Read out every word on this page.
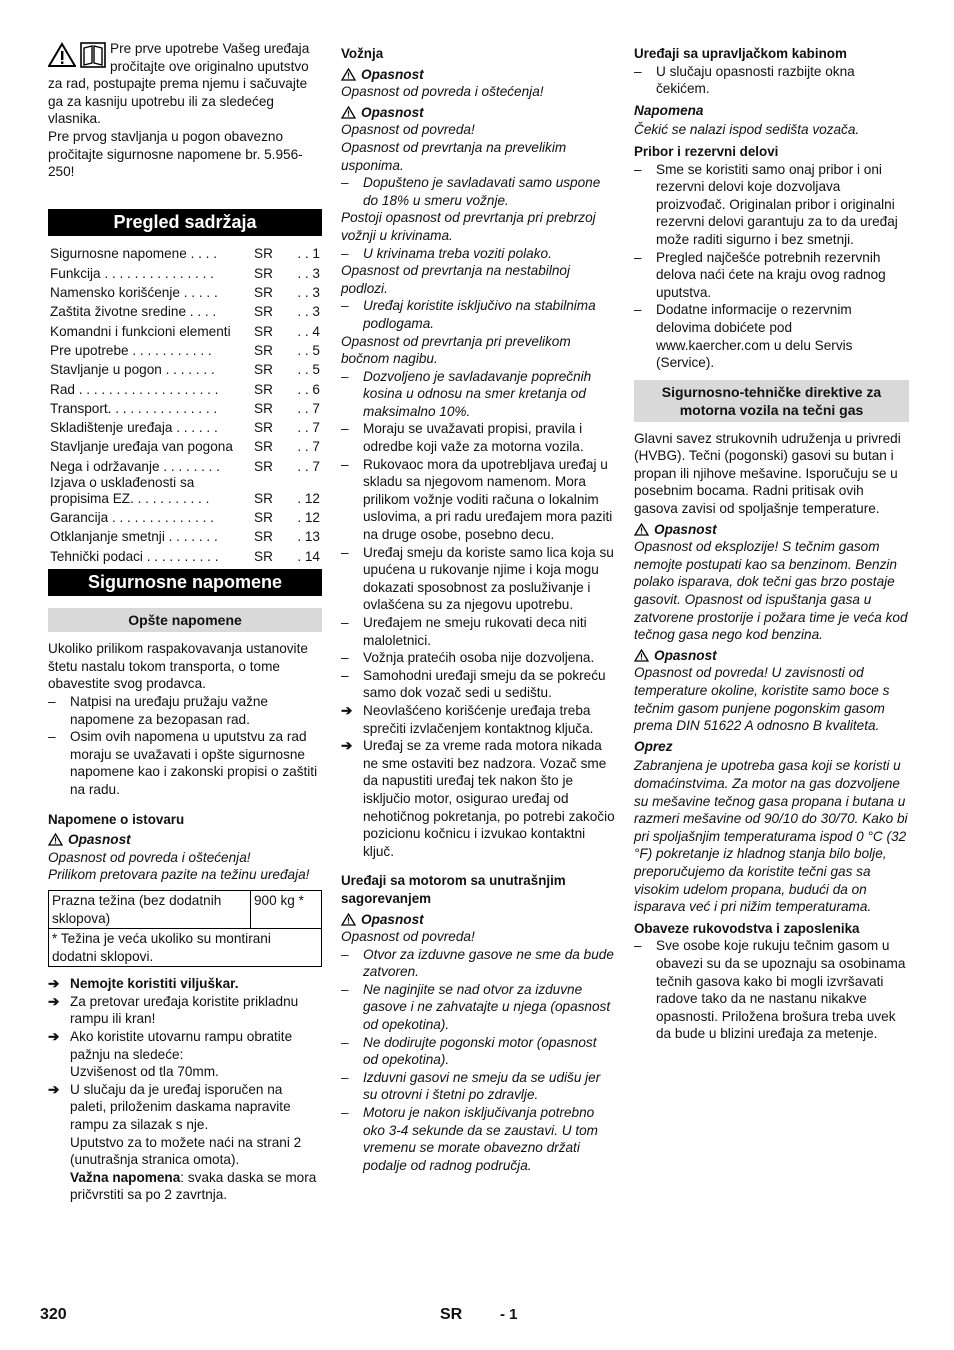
Pre prve upotrebe Vašeg uređaja pročitajte ove originalno uputstvo za rad, postupajte prema njemu i sačuvajte ga za kasniju upotrebu ili za sledećeg vlasnika.

Pre prvog stavljanja u pogon obavezno pročitajte sigurnosne napomene br. 5.956-250!

Pregled sadržaja
Sigurnosne napomene . . . .	SR	. . 1
Funkcija . . . . . . . . . . . . . . .	SR	. . 3
Namensko korišćenje . . . . .	SR	. . 3
Zaštita životne sredine . . . .	SR	. . 3
Komandni i funkcioni elementi	SR	. . 4
Pre upotrebe . . . . . . . . . . .	SR	. . 5
Stavljanje u pogon . . . . . . .	SR	. . 5
Rad . . . . . . . . . . . . . . . . . . .	SR	. . 6
Transport. . . . . . . . . . . . . . .	SR	. . 7
Skladištenje uređaja . . . . . .	SR	. . 7
Stavljanje uređaja van pogona	SR	. . 7
Nega i održavanje . . . . . . . .	SR	. . 7
Izjava o usklađenosti sa propisima EZ. . . . . . . . . . .	SR	. 12
Garancija . . . . . . . . . . . . . .	SR	. 12
Otklanjanje smetnji . . . . . . .	SR	. 13
Tehnički podaci . . . . . . . . . .	SR	. 14
Sigurnosne napomene
Opšte napomene

Ukoliko prilikom raspakovavanja ustanovite štetu nastalu tokom transporta, o tome obavestite svog prodavca.

–	Natpisi na uređaju pružaju važne napomene za bezopasan rad.
–	Osim ovih napomena u uputstvu za rad moraju se uvažavati i opšte sigurnosne napomene kao i zakonski propisi o zaštiti na radu.

Napomene o istovaru

Opasnost

Opasnost od povreda i oštećenja!

Prilikom pretovara pazite na težinu uređaja!

Prazna težina (bez dodatnih sklopova)	900 kg *
* Težina je veća ukoliko su montirani dodatni sklopovi.
➔ Nemojte koristiti viljuškar.
➔ Za pretovar uređaja koristite prikladnu rampu ili kran!
➔ Ako koristite utovarnu rampu obratite pažnju na sledeće:
Uzvišenost od tla 70mm.
➔ U slučaju da je uređaj isporučen na paleti, priloženim daskama napravite rampu za silazak s nje.
Uputstvo za to možete naći na strani 2 (unutrašnja stranica omota).
Važna napomena: svaka daska se mora pričvrstiti sa po 2 zavrtnja.

Vožnja

Opasnost

Opasnost od povreda i oštećenja!

Opasnost

Opasnost od povreda!

Opasnost od prevrtanja na prevelikim usponima.

–	Dopušteno je savladavati samo uspone do 18% u smeru vožnje.

Postoji opasnost od prevrtanja pri prebrzoj vožnji u krivinama.

–	U krivinama treba voziti polako.

Opasnost od prevrtanja na nestabilnoj podlozi.

–	Uređaj koristite isključivo na stabilnima podlogama.

Opasnost od prevrtanja pri prevelikom bočnom nagibu.

–	Dozvoljeno je savladavanje poprečnih kosina u odnosu na smer kretanja od maksimalno 10%.
–	Moraju se uvažavati propisi, pravila i odredbe koji važe za motorna vozila.
–	Rukovaoc mora da upotrebljava uređaj u skladu sa njegovom namenom. Mora prilikom vožnje voditi računa o lokalnim uslovima, a pri radu uređajem mora paziti na druge osobe, posebno decu.
–	Uređaj smeju da koriste samo lica koja su upućena u rukovanje njime i koja mogu dokazati sposobnost za posluživanje i ovlašćena su za njegovu upotrebu.
–	Uređajem ne smeju rukovati deca niti maloletnici.
–	Vožnja pratećih osoba nije dozvoljena.
–	Samohodni uređaji smeju da se pokreću samo dok vozač sedi u sedištu.
➔ Neovlašćeno korišćenje uređaja treba sprečiti izvlačenjem kontaktnog ključa.
➔ Uređaj se za vreme rada motora nikada ne sme ostaviti bez nadzora. Vozač sme da napustiti uređaj tek nakon što je isključio motor, osigurao uređaj od nehotičnog pokretanja, po potrebi zakočio pozicionu kočnicu i izvukao kontaktni ključ.

Uređaji sa motorom sa unutrašnjim sagorevanjem

Opasnost

Opasnost od povreda!

–	Otvor za izduvne gasove ne sme da bude zatvoren.
–	Ne naginjite se nad otvor za izduvne gasove i ne zahvatajte u njega (opasnost od opekotina).
–	Ne dodirujte pogonski motor (opasnost od opekotina).
–	Izduvni gasovi ne smeju da se udišu jer su otrovni i štetni po zdravlje.
–	Motoru je nakon isključivanja potrebno oko 3-4 sekunde da se zaustavi. U tom vremenu se morate obavezno držati podalje od radnog područja.

Uređaji sa upravljačkom kabinom

–	U slučaju opasnosti razbijte okna čekićem.

Napomena

Čekić se nalazi ispod sedišta vozača.

Pribor i rezervni delovi

–	Sme se koristiti samo onaj pribor i oni rezervni delovi koje dozvoljava proizvođač. Originalan pribor i originalni rezervni delovi garantuju za to da uređaj može raditi sigurno i bez smetnji.
–	Pregled najčešće potrebnih rezervnih delova naći ćete na kraju ovog radnog uputstva.
–	Dodatne informacije o rezervnim delovima dobićete pod www.kaercher.com u delu Servis (Service).
Sigurnosno-tehničke direktive za motorna vozila na tečni gas

Glavni savez strukovnih udruženja u privredi (HVBG). Tečni (pogonski) gasovi su butan i propan ili njihove mešavine. Isporučuju se u posebnim bocama. Radni pritisak ovih gasova zavisi od spoljašnje temperature.

Opasnost

Opasnost od eksplozije! S tečnim gasom nemojte postupati kao sa benzinom. Benzin polako isparava, dok tečni gas brzo postaje gasovit. Opasnost od ispuštanja gasa u zatvorene prostorije i požara time je veća kod tečnog gasa nego kod benzina.

Opasnost

Opasnost od povreda! U zavisnosti od temperature okoline, koristite samo boce s tečnim gasom punjene pogonskim gasom prema DIN 51622 A odnosno B kvaliteta.

Oprez

Zabranjena je upotreba gasa koji se koristi u domaćinstvima. Za motor na gas dozvoljene su mešavine tečnog gasa propana i butana u razmeri mešavine od 90/10 do 30/70. Kako bi pri spoljašnjim temperaturama ispod 0 °C (32 °F) pokretanje iz hladnog stanja bilo bolje, preporučujemo da koristite tečni gas sa visokim udelom propana, budući da on isparava već i pri nižim temperaturama.

Obaveze rukovodstva i zaposlenika

–	Sve osobe koje rukuju tečnim gasom u obavezi su da se upoznaju sa osobinama tečnih gasova kako bi mogli izvršavati radove tako da ne nastanu nikakve opasnosti. Priložena brošura treba uvek da bude u blizini uređaja za metenje.
320	SR	- 1
